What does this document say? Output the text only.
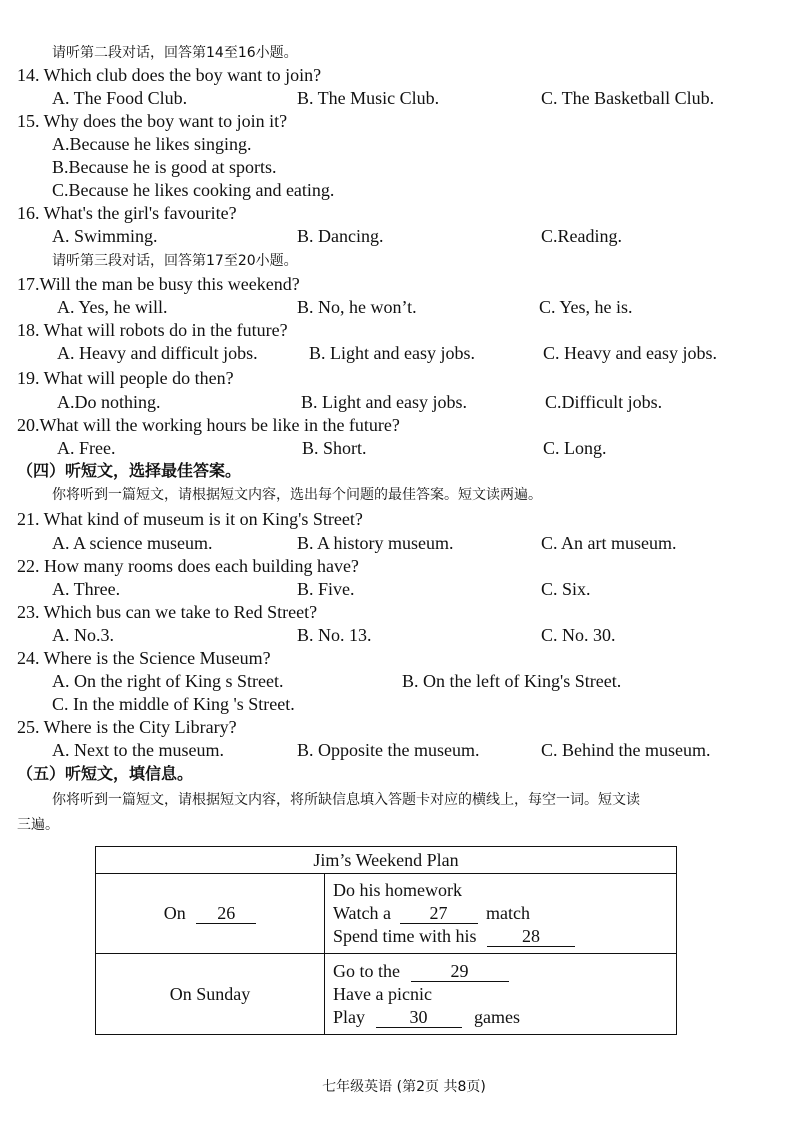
请听第二段对话，回答第14至16小题。
14. Which club does the boy want to join?
A. The Food Club.	B. The Music Club.	C. The Basketball Club.
15. Why does the boy want to join it?
A.Because he likes singing.
B.Because he is good at sports.
C.Because he likes cooking and eating.
16. What's the girl's favourite?
A. Swimming.	B. Dancing.	C.Reading.
请听第三段对话，回答第17至20小题。
17.Will the man be busy this weekend?
A. Yes, he will.	B. No, he won’t.	C. Yes, he is.
18. What will robots do in the future?
A. Heavy and difficult jobs.	B. Light and easy jobs.	C. Heavy and easy jobs.
19. What will people do then?
A.Do nothing.	B. Light and easy jobs.	C.Difficult jobs.
20.What will the working hours be like in the future?
A. Free.	B. Short.	C. Long.
（四）听短文，选择最佳答案。
你将听到一篇短文，请根据短文内容，选出每个问题的最佳答案。短文读两遍。
21. What kind of museum is it on King's Street?
A. A science museum.	B. A history museum.	C. An art museum.
22. How many rooms does each building have?
A. Three.	B. Five.	C. Six.
23. Which bus can we take to Red Street?
A. No.3.	B. No. 13.	C. No. 30.
24. Where is the Science Museum?
A. On the right of King s Street.	B. On the left of King's Street.
C. In the middle of King 's Street.
25. Where is the City Library?
A. Next to the museum.	B. Opposite the museum.	C. Behind the museum.
（五）听短文，填信息。
你将听到一篇短文，请根据短文内容，将所缺信息填入答题卡对应的横线上，每空一词。短文读
三遍。
Jim’s Weekend Plan	
On 26	Do his homework
Watch a 27 match
Spend time with his 28

On Sunday	Go to the 29
Have a picnic
Play 30 games
七年级英语 (第2页 共8页)
